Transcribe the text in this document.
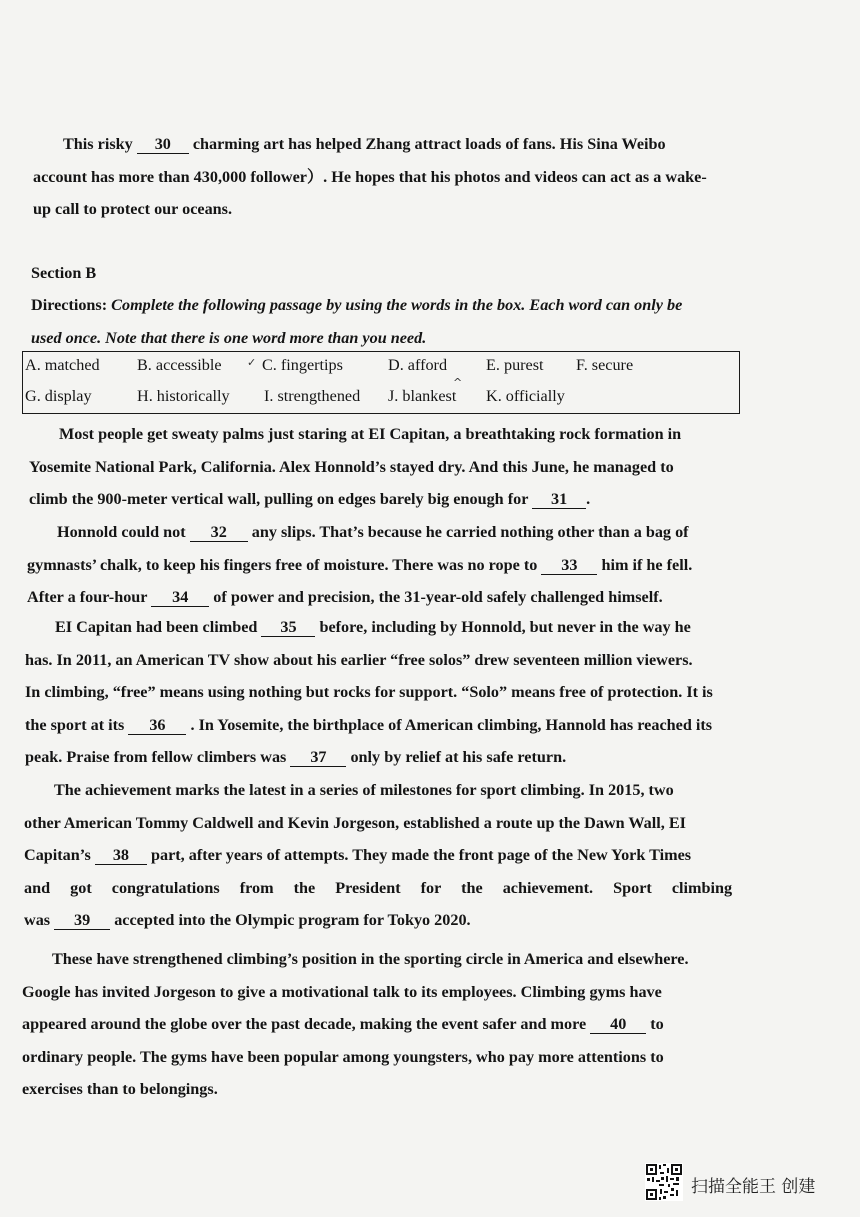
This risky 30 charming art has helped Zhang attract loads of fans. His Sina Weibo
account has more than 430,000 follower）. He hopes that his photos and videos can act as a wake-
up call to protect our oceans.
Section B
Directions: Complete the following passage by using the words in the box. Each word can only be
used once. Note that there is one word more than you need.
A. matched B. accessible C. fingertips	D. afford E. purest F. secure
G. display	H. historically I. strengthened J. blankest K. officially
✓
^
Most people get sweaty palms just staring at EI Capitan, a breathtaking rock formation in
Yosemite National Park, California. Alex Honnold’s stayed dry. And this June, he managed to
climb the 900-meter vertical wall, pulling on edges barely big enough for 31 .
Honnold could not 32 any slips. That’s because he carried nothing other than a bag of
gymnasts’ chalk, to keep his fingers free of moisture. There was no rope to 33 him if he fell.
After a four-hour 34 of power and precision, the 31-year-old safely challenged himself.
EI Capitan had been climbed 35 before, including by Honnold, but never in the way he
has. In 2011, an American TV show about his earlier “free solos” drew seventeen million viewers.
In climbing, “free” means using nothing but rocks for support. “Solo” means free of protection. It is
the sport at its 36 . In Yosemite, the birthplace of American climbing, Hannold has reached its
peak. Praise from fellow climbers was 37 only by relief at his safe return.
The achievement marks the latest in a series of milestones for sport climbing. In 2015, two
other American Tommy Caldwell and Kevin Jorgeson, established a route up the Dawn Wall, EI
Capitan’s 38 part, after years of attempts. They made the front page of the New York Times
and got congratulations from the President for the achievement. Sport climbing
was 39 accepted into the Olympic program for Tokyo 2020.
These have strengthened climbing’s position in the sporting circle in America and elsewhere.
Google has invited Jorgeson to give a motivational talk to its employees. Climbing gyms have
appeared around the globe over the past decade, making the event safer and more 40 to
ordinary people. The gyms have been popular among youngsters, who pay more attentions to
exercises than to belongings.
扫描全能王 创建
